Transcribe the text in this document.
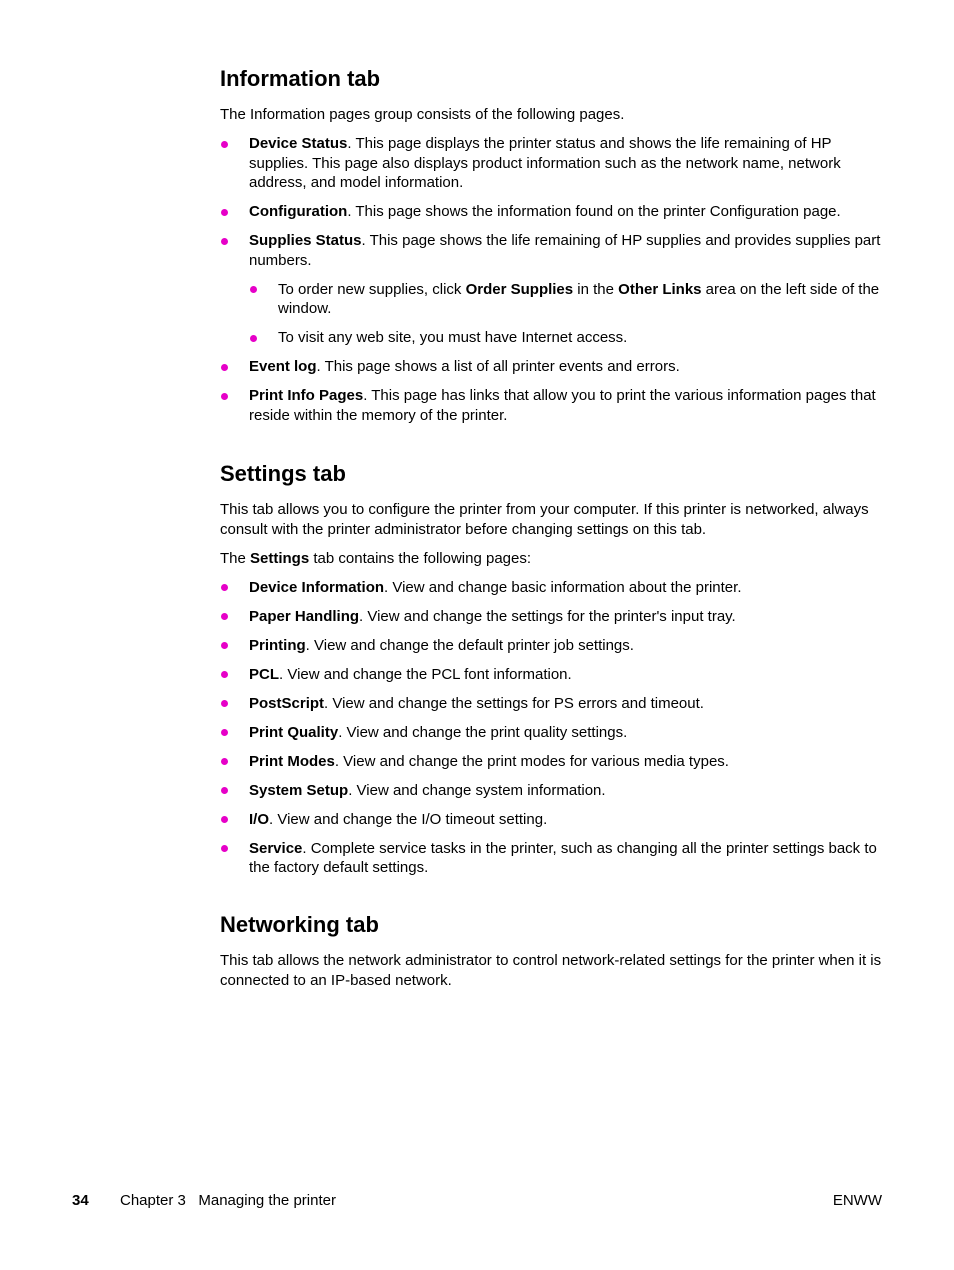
Information tab

The Information pages group consists of the following pages.

Device Status. This page displays the printer status and shows the life remaining of HP supplies. This page also displays product information such as the network name, network address, and model information.
Configuration. This page shows the information found on the printer Configuration page.
Supplies Status. This page shows the life remaining of HP supplies and provides supplies part numbers.
To order new supplies, click Order Supplies in the Other Links area on the left side of the window.
To visit any web site, you must have Internet access.
Event log. This page shows a list of all printer events and errors.
Print Info Pages. This page has links that allow you to print the various information pages that reside within the memory of the printer.
Settings tab

This tab allows you to configure the printer from your computer. If this printer is networked, always consult with the printer administrator before changing settings on this tab.

The Settings tab contains the following pages:

Device Information. View and change basic information about the printer.
Paper Handling. View and change the settings for the printer's input tray.
Printing. View and change the default printer job settings.
PCL. View and change the PCL font information.
PostScript. View and change the settings for PS errors and timeout.
Print Quality. View and change the print quality settings.
Print Modes. View and change the print modes for various media types.
System Setup. View and change system information.
I/O. View and change the I/O timeout setting.
Service. Complete service tasks in the printer, such as changing all the printer settings back to the factory default settings.
Networking tab

This tab allows the network administrator to control network-related settings for the printer when it is connected to an IP-based network.

34 Chapter 3   Managing the printer	ENWW
